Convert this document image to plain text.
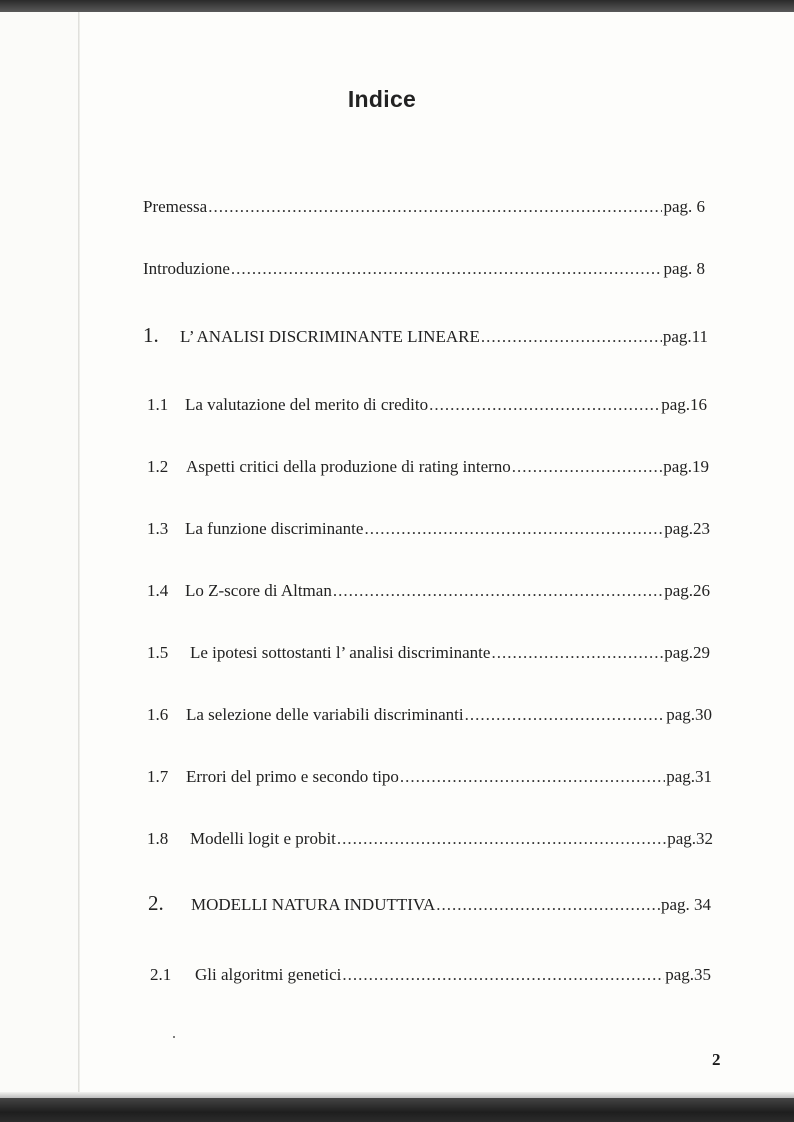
Indice
Premessa .....	pag. 6
Introduzione .....	pag. 8
1.	L’ ANALISI DISCRIMINANTE LINEARE .....	pag.11
1.1 La valutazione del merito di credito .....	pag.16
1.2	Aspetti critici della produzione di rating interno .....	pag.19
1.3 La funzione discriminante .....	pag.23
1.4 Lo Z-score di Altman .....	pag.26
1.5	Le ipotesi sottostanti l’ analisi discriminante .....	pag.29
1.6	La selezione delle variabili discriminanti .....	pag.30
1.7	Errori del primo e secondo tipo .....	pag.31
1.8	Modelli logit e probit .....	pag.32
2.	MODELLI NATURA INDUTTIVA .....	pag. 34
2.1	Gli algoritmi genetici .....	pag.35
2
